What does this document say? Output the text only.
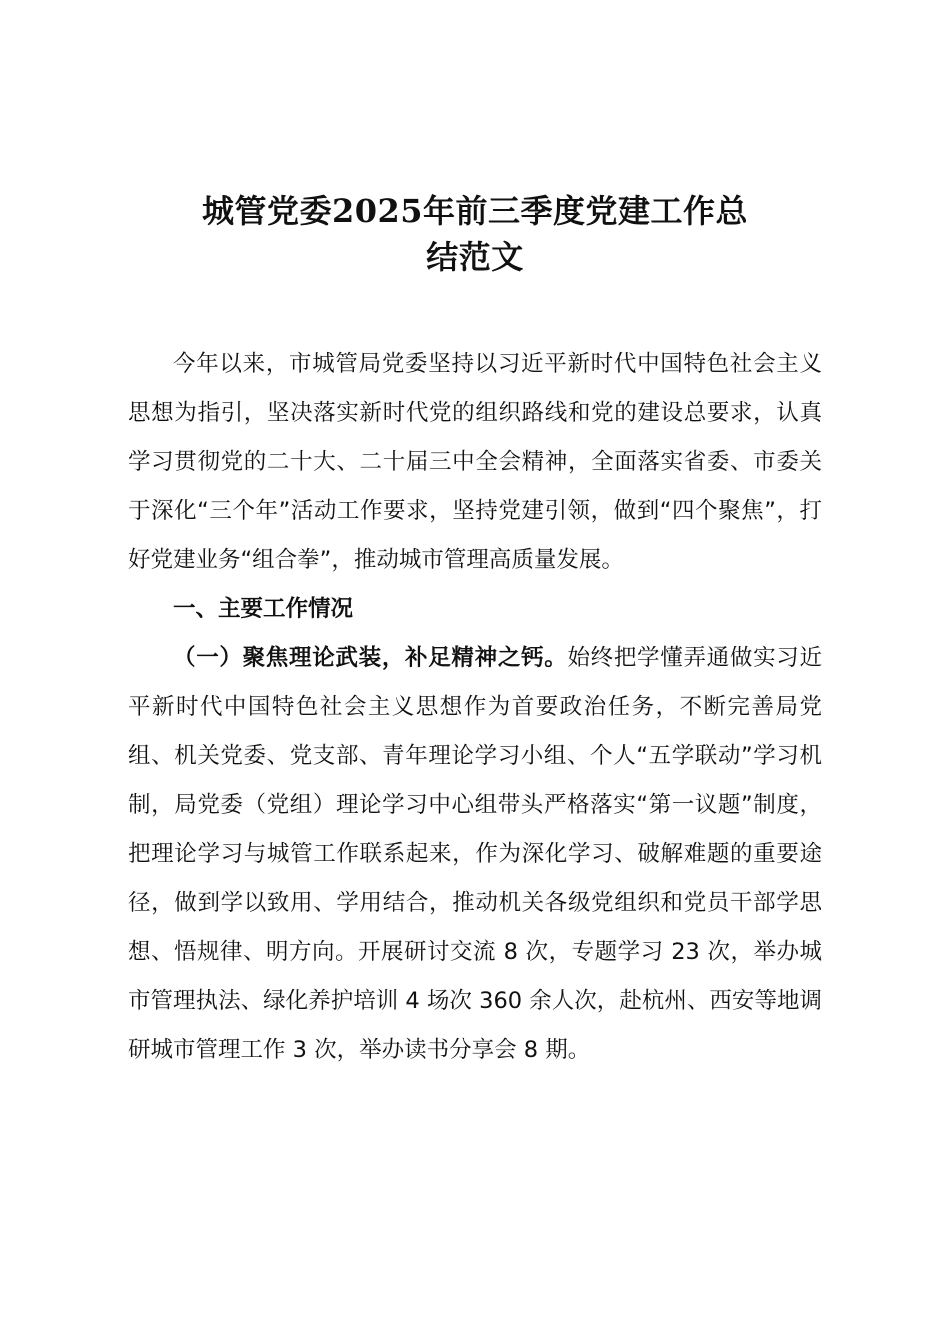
城管党委2025年前三季度党建工作总
结范文

今年以来，市城管局党委坚持以习近平新时代中国特色社会主义思想为指引，坚决落实新时代党的组织路线和党的建设总要求，认真学习贯彻党的二十大、二十届三中全会精神，全面落实省委、市委关于深化“三个年”活动工作要求，坚持党建引领，做到“四个聚焦”，打好党建业务“组合拳”，推动城市管理高质量发展。

一、主要工作情况

（一）聚焦理论武装，补足精神之钙。始终把学懂弄通做实习近平新时代中国特色社会主义思想作为首要政治任务，不断完善局党组、机关党委、党支部、青年理论学习小组、个人“五学联动”学习机制，局党委（党组）理论学习中心组带头严格落实“第一议题”制度，把理论学习与城管工作联系起来，作为深化学习、破解难题的重要途径，做到学以致用、学用结合，推动机关各级党组织和党员干部学思想、悟规律、明方向。开展研讨交流 8 次，专题学习 23 次，举办城市管理执法、绿化养护培训 4 场次 360 余人次，赴杭州、西安等地调研城市管理工作 3 次，举办读书分享会 8 期。
